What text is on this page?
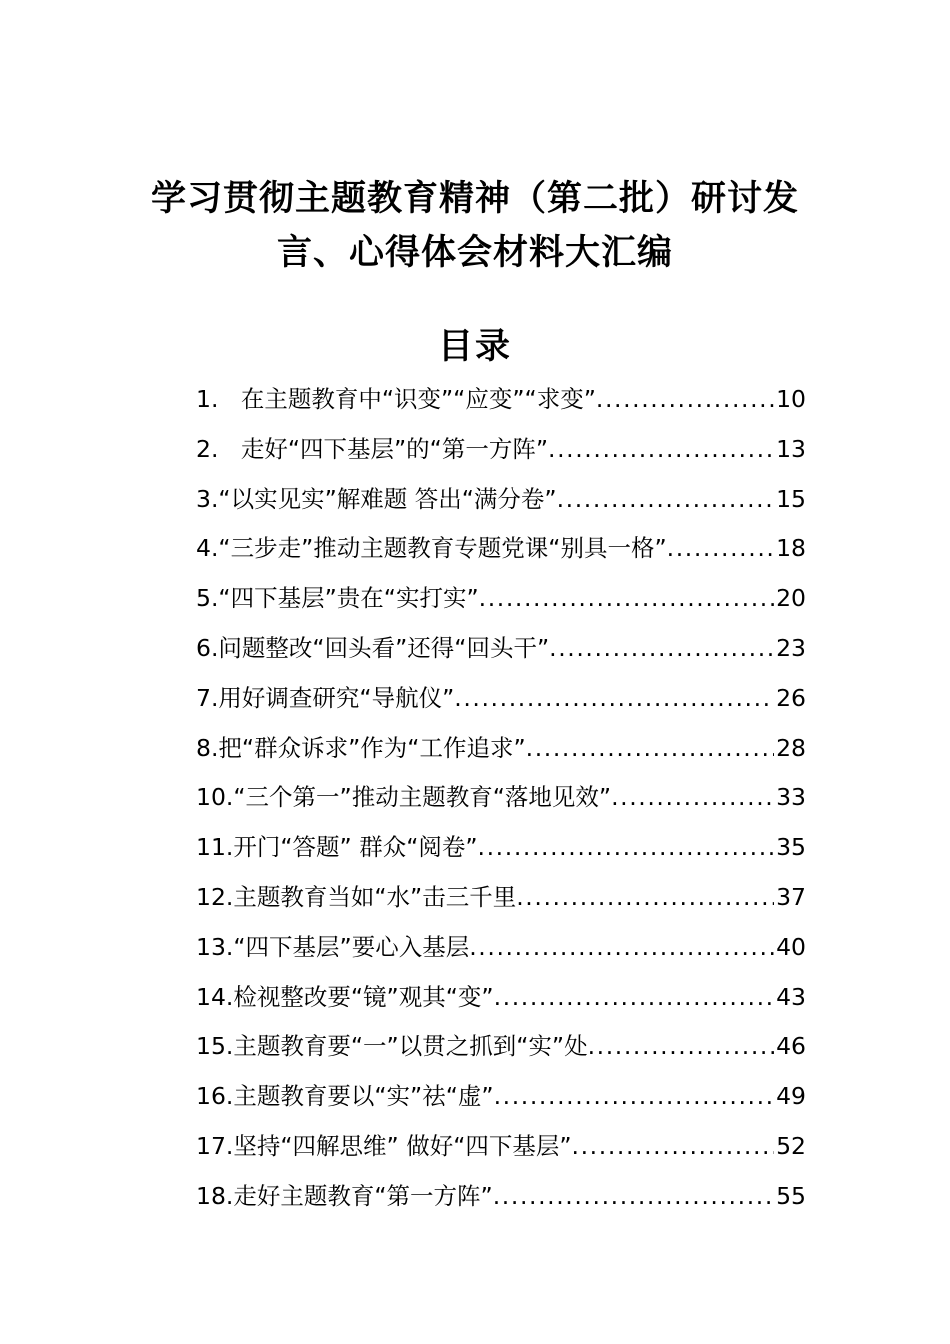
学习贯彻主题教育精神（第二批）研讨发
言、心得体会材料大汇编
目录
1.   在主题教育中“识变”“应变”“求变” .....	10
2.   走好“四下基层”的“第一方阵” .....	13
3.“以实见实”解难题 答出“满分卷” .....	15
4.“三步走”推动主题教育专题党课“别具一格” .....	18
5.“四下基层”贵在“实打实” .....	20
6.问题整改“回头看”还得“回头干” .....	23
7.用好调查研究“导航仪” .....	26
8.把“群众诉求”作为“工作追求” .....	28
10.“三个第一”推动主题教育“落地见效” .....	33
11.开门“答题” 群众“阅卷” .....	35
12.主题教育当如“水”击三千里 .....	37
13.“四下基层”要心入基层 .....	40
14.检视整改要“镜”观其“变” .....	43
15.主题教育要“一”以贯之抓到“实”处 .....	46
16.主题教育要以“实”祛“虚” .....	49
17.坚持“四解思维” 做好“四下基层” .....	52
18.走好主题教育“第一方阵” .....	55
